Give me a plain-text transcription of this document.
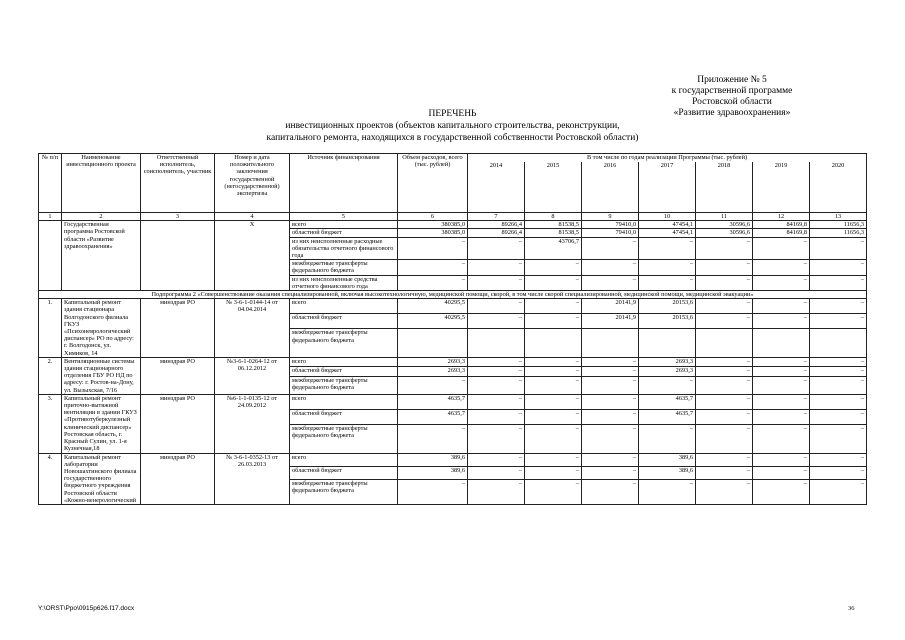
Приложение № 5
к государственной программе
Ростовской области
«Развитие здравоохранения»
ПЕРЕЧЕНЬ
инвестиционных проектов (объектов капитального строительства, реконструкции,
капитального ремонта, находящихся в государственной собственности Ростовской области)
№ п/п	Наименование инвестиционного проекта	Ответственный исполнитель, соисполнитель, участник	Номер и дата положительного заключения государственной (негосударственной) экспертизы	Источник финансирования	Объем расходов, всего (тыс. рублей)	В том числе по годам реализации Программы (тыс. рублей)						
						2014	2015	2016	2017	2018	2019	2020
1	2	3	4	5	6	7	8	9	10	11	12	13
	Государственная программа Ростовской области «Развитие здравоохранения»		X	всего	380385,0	89266,4	81538,5	79410,0	47454,1	30596,6	84169,8	11656,3
				областной бюджет	380385,0	89266,4	81538,5	79410,0	47454,1	30596,6	84169,8	11656,3
				из них неисполненные расходные обязательства отчетного финансового года	–	–	43706,7	–	–	–	–	–
				межбюджетные трансферты федерального бюджета	–	–	–	–	–	–	–	–
				из них неисполненные средства отчетного финансового года	–	–	–	–	–	–	–	–
Подпрограмма 2 «Совершенствование оказания специализированной, включая высокотехнологичную, медицинской помощи, скорой, в том числе скорой специализированной, медицинской помощи, медицинской эвакуации»												
1.	Капитальный ремонт здания стационара Волгодонского филиала ГКУЗ «Психоневрологический диспансер» РО по адресу: г. Волгодонск, ул. Химиков, 14	минздрав РО	№ 3-6-1-0144-14 от 04.04.2014	всего	40295,5	–	–	20141,9	20153,6	–	–	–
				областной бюджет	40295,5	–	–	20141,9	20153,6	–	–	–
				межбюджетные трансферты федерального бюджета								
2.	Вентиляционные системы здания стационарного отделения ГБУ РО НД по адресу: г. Ростов-на-Дону, ул. Вызыхская, 7/16	минздрав РО	№3-6-1-0264-12 от 06.12.2012	всего	2693,3	–	–	–	2693,3	–	–	–
				областной бюджет	2693,3	–	–	–	2693,3	–	–	–
				межбюджетные трансферты федерального бюджета	–	–	–	–	–	–	–	–
3.	Капитальный ремонт приточно-вытяжной вентиляции в здании ГКУЗ «Противотуберкулезный клинический диспансер» Ростовская область, г. Красный Сулин, ул. 1-я Кузнечная,18	минздрав РО	№6-1-1-0135-12 от 24.09.2012	всего	4635,7	–	–	–	4635,7	–	–	–
				областной бюджет	4635,7	–	–	–	4635,7	–	–	–
				межбюджетные трансферты федерального бюджета	–	–	–	–	–	–	–	–
4.	Капитальный ремонт лаборатории Новошахтинского филиала государственного бюджетного учреждения Ростовской области «Кожно-венерологический	минздрав РО	№ 3-6-1-0352-13 от 26.03.2013	всего	389,6	–	–	–	389,6	–	–	–
				областной бюджет	389,6	–	–	–	389,6	–	–	–
				межбюджетные трансферты федерального бюджета	–	–	–	–	–	–	–	–
Y:\ORST\Ppo\0915p626.f17.docx	36
